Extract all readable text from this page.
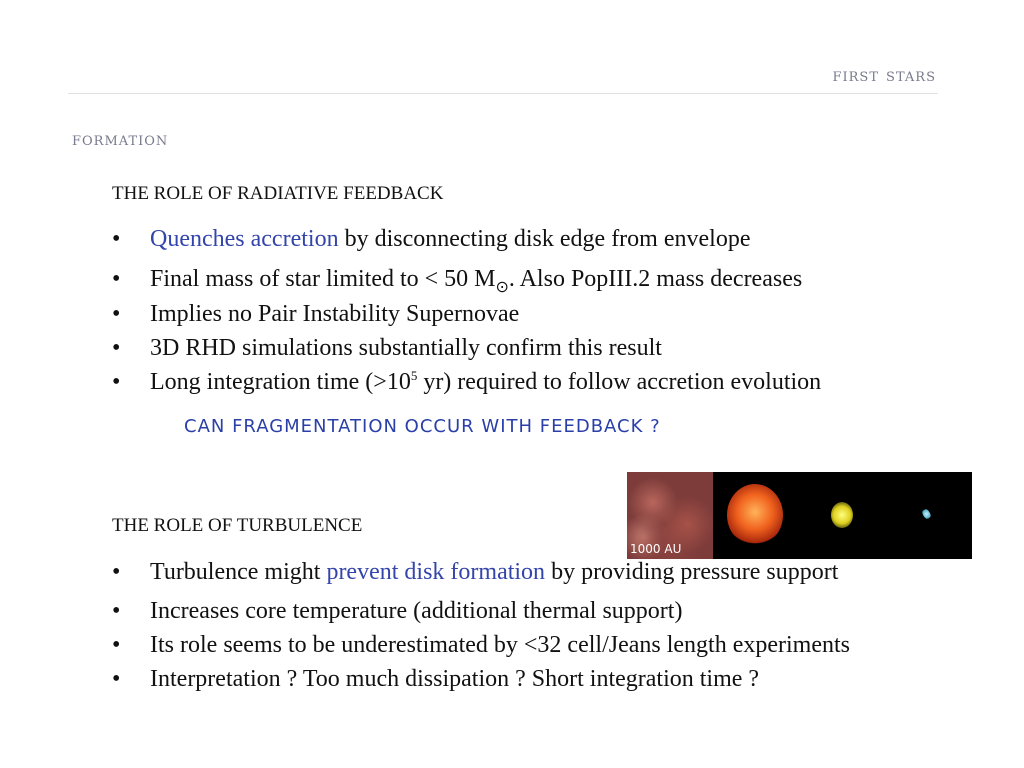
first stars
formation
THE ROLE OF RADIATIVE FEEDBACK
• Quenches accretion by disconnecting disk edge from envelope
• Final mass of star limited to < 50 $M_⊙$. Also PopIII.2 mass decreases
• Implies no Pair Instability Supernovae
• 3D RHD simulations substantially confirm this result
• Long integration time ($>10^5$ yr) required to follow accretion evolution
CAN FRAGMENTATION OCCUR WITH FEEDBACK ?
1000 AU
THE ROLE OF TURBULENCE
• Turbulence might prevent disk formation by providing pressure support
• Increases core temperature (additional thermal support)
• Its role seems to be underestimated by <32 cell/Jeans length experiments
• Interpretation ? Too much dissipation ? Short integration time ?
